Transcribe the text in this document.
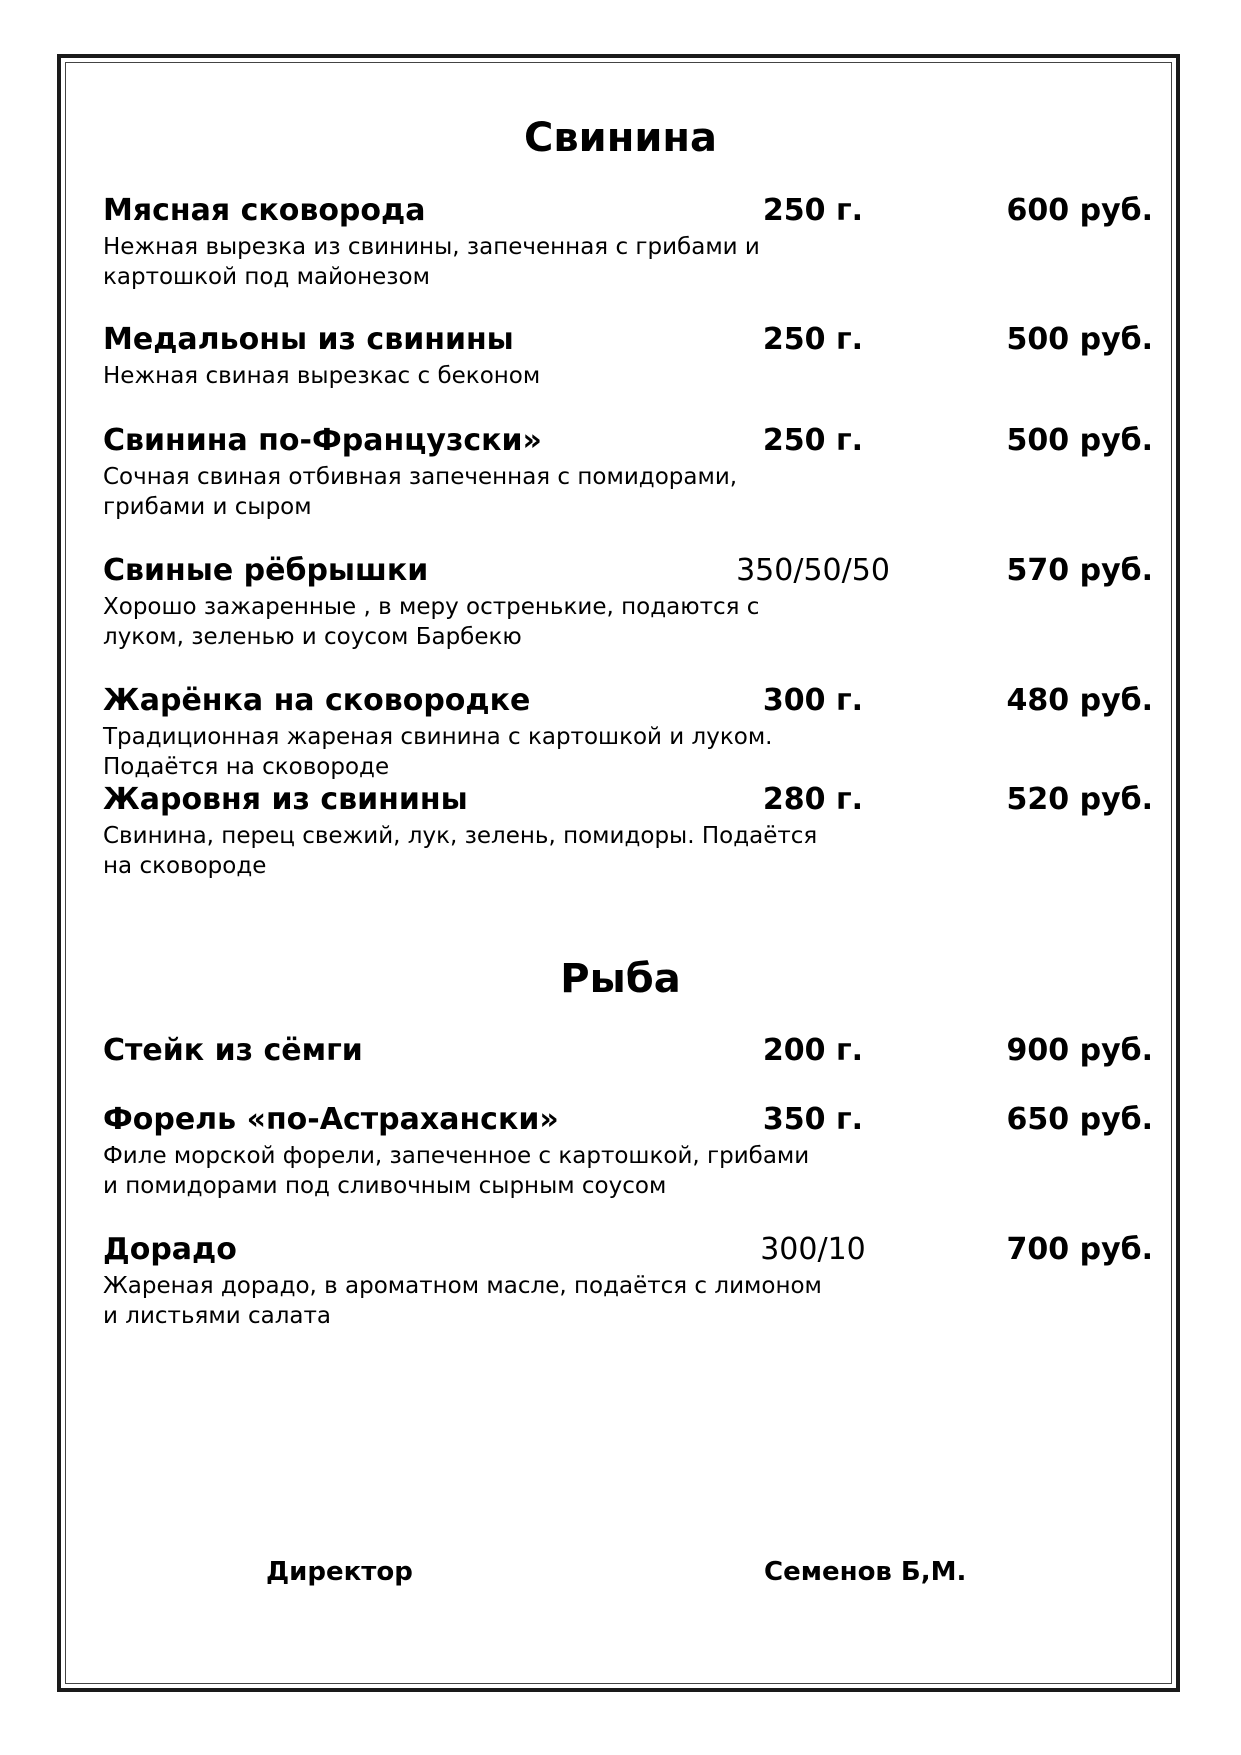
Свинина
Мясная сковорода	250 г.	600 руб.

Нежная вырезка из свинины, запеченная с грибами и картошкой под майонезом

Медальоны из свинины	250 г.	500 руб.

Нежная свиная вырезкас с беконом

Свинина по-Французски»	250 г.	500 руб.

Сочная свиная отбивная запеченная с помидорами, грибами и сыром

Свиные рёбрышки	350/50/50	570 руб.

Хорошо зажаренные , в меру остренькие, подаются с луком, зеленью и соусом Барбекю

Жарёнка на сковородке	300 г.	480 руб.

Традиционная жареная свинина с картошкой и луком. Подаётся на сковороде

Жаровня из свинины	280 г.	520 руб.

Свинина, перец свежий, лук, зелень, помидоры. Подаётся на сковороде

Рыба
Стейк из сёмги	200 г.	900 руб.
Форель «по-Астрахански»	350 г.	650 руб.

Филе морской форели, запеченное с картошкой, грибами и помидорами под сливочным сырным соусом

Дорадо	300/10	700 руб.

Жареная дорадо, в ароматном масле, подаётся с лимоном и листьями салата

Директор	Семенов Б,М.
